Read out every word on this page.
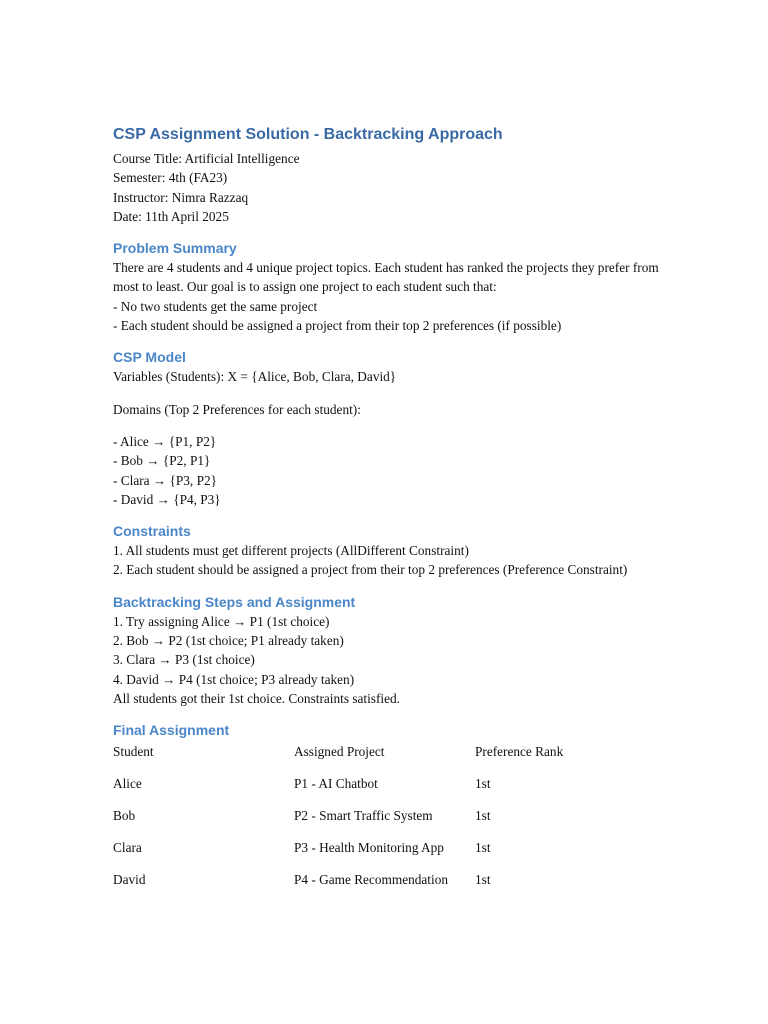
CSP Assignment Solution - Backtracking Approach

Course Title: Artificial Intelligence

Semester: 4th (FA23)

Instructor: Nimra Razzaq

Date: 11th April 2025

Problem Summary

There are 4 students and 4 unique project topics. Each student has ranked the projects they prefer from most to least. Our goal is to assign one project to each student such that:

- No two students get the same project

- Each student should be assigned a project from their top 2 preferences (if possible)

CSP Model

Variables (Students): X = {Alice, Bob, Clara, David}

Domains (Top 2 Preferences for each student):

- Alice → {P1, P2}

- Bob → {P2, P1}

- Clara → {P3, P2}

- David → {P4, P3}

Constraints

1. All students must get different projects (AllDifferent Constraint)

2. Each student should be assigned a project from their top 2 preferences (Preference Constraint)

Backtracking Steps and Assignment

1. Try assigning Alice → P1 (1st choice)

2. Bob → P2 (1st choice; P1 already taken)

3. Clara → P3 (1st choice)

4. David → P4 (1st choice; P3 already taken)

All students got their 1st choice. Constraints satisfied.

Final Assignment
Student	Assigned Project	Preference Rank
Alice	P1 - AI Chatbot	1st
Bob	P2 - Smart Traffic System	1st
Clara	P3 - Health Monitoring App	1st
David	P4 - Game Recommendation	1st
